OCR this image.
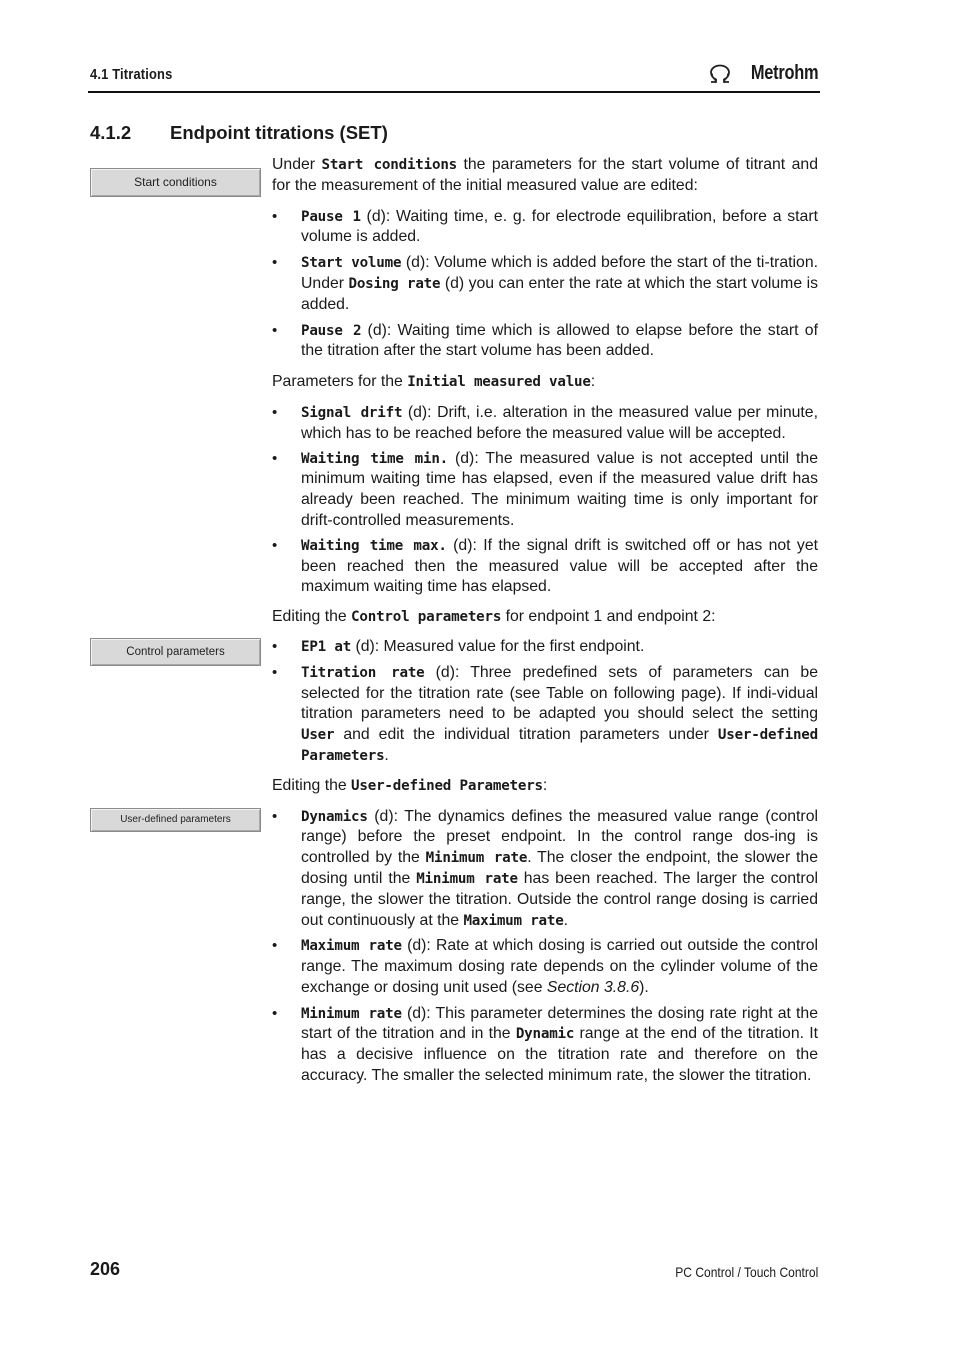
4.1 Titrations	Metrohm
4.1.2 Endpoint titrations (SET)
Start conditions
Control parameters
User-defined parameters

Under Start conditions the parameters for the start volume of titrant and for the measurement of the initial measured value are edited:

• Pause 1 (d): Waiting time, e. g. for electrode equilibration, before a start volume is added.
• Start volume (d): Volume which is added before the start of the ti-tration. Under Dosing rate (d) you can enter the rate at which the start volume is added.
• Pause 2 (d): Waiting time which is allowed to elapse before the start of the titration after the start volume has been added.

Parameters for the Initial measured value:

• Signal drift (d): Drift, i.e. alteration in the measured value per minute, which has to be reached before the measured value will be accepted.
• Waiting time min. (d): The measured value is not accepted until the minimum waiting time has elapsed, even if the measured value drift has already been reached. The minimum waiting time is only important for drift-controlled measurements.
• Waiting time max. (d): If the signal drift is switched off or has not yet been reached then the measured value will be accepted after the maximum waiting time has elapsed.

Editing the Control parameters for endpoint 1 and endpoint 2:

• EP1 at (d): Measured value for the first endpoint.
• Titration rate (d): Three predefined sets of parameters can be selected for the titration rate (see Table on following page). If indi-vidual titration parameters need to be adapted you should select the setting User and edit the individual titration parameters under User-defined Parameters.

Editing the User-defined Parameters:

• Dynamics (d): The dynamics defines the measured value range (control range) before the preset endpoint. In the control range dos-ing is controlled by the Minimum rate. The closer the endpoint, the slower the dosing until the Minimum rate has been reached. The larger the control range, the slower the titration. Outside the control range dosing is carried out continuously at the Maximum rate.
• Maximum rate (d): Rate at which dosing is carried out outside the control range. The maximum dosing rate depends on the cylinder volume of the exchange or dosing unit used (see Section 3.8.6).
• Minimum rate (d): This parameter determines the dosing rate right at the start of the titration and in the Dynamic range at the end of the titration. It has a decisive influence on the titration rate and therefore on the accuracy. The smaller the selected minimum rate, the slower the titration.
206	PC Control / Touch Control
